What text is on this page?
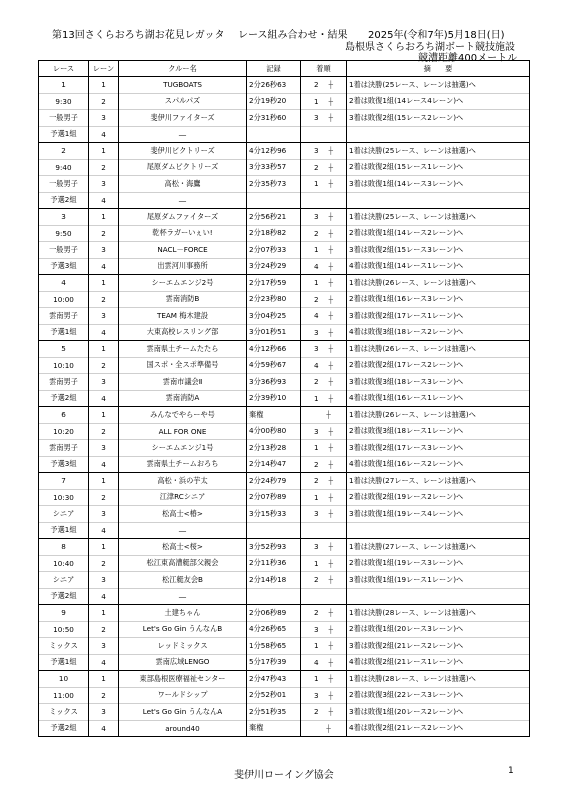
第13回さくらおろち湖お花見レガッタ レース組み合わせ・結果 2025年(令和7年)5月18日(日)
島根県さくらおろち湖ボート競技施設
競漕距離400メートル
レース	レーン	クルー名	記録	着順	摘　　要
1	1	TUGBOATS	2分26秒63	2 ┼	1着は決勝(25レース、レーンは抽選)へ
9:30	2	スパルパズ	2分19秒20	1 ┼	2着は敗復1組(14レース4レーン)へ
一般男子	3	斐伊川ファイターズ	2分31秒60	3 ┼	3着は敗復2組(15レース2レーン)へ
予選1組	4	―			
2	1	斐伊川ビクトリーズ	4分12秒96	3 ┼	1着は決勝(25レース、レーンは抽選)へ
9:40	2	尾原ダムビクトリーズ	3分33秒57	2 ┼	2着は敗復2組(15レース1レーン)へ
一般男子	3	高松・海鷹	2分35秒73	1 ┼	3着は敗復1組(14レース3レーン)へ
予選2組	4	―			
3	1	尾原ダムファイターズ	2分56秒21	3 ┼	1着は決勝(25レース、レーンは抽選)へ
9:50	2	乾杯ラガーいぇい!	2分18秒82	2 ┼	2着は敗復1組(14レース2レーン)へ
一般男子	3	NACL－FORCE	2分07秒33	1 ┼	3着は敗復2組(15レース3レーン)へ
予選3組	4	出雲河川事務所	3分24秒29	4 ┼	4着は敗復1組(14レース1レーン)へ
4	1	シーエムエンジ2号	2分17秒59	1 ┼	1着は決勝(26レース、レーンは抽選)へ
10:00	2	雲南消防B	2分23秒80	2 ┼	2着は敗復1組(16レース3レーン)へ
雲南男子	3	TEAM 梅木建設	3分04秒25	4 ┼	3着は敗復2組(17レース1レーン)へ
予選1組	4	大東高校レスリング部	3分01秒51	3 ┼	4着は敗復3組(18レース2レーン)へ
5	1	雲南県土チームたたら	4分12秒66	3 ┼	1着は決勝(26レース、レーンは抽選)へ
10:10	2	国スポ・全スポ準備号	4分59秒67	4 ┼	2着は敗復2組(17レース2レーン)へ
雲南男子	3	雲南市議会Ⅱ	3分36秒93	2 ┼	3着は敗復3組(18レース3レーン)へ
予選2組	4	雲南消防A	2分39秒10	1 ┼	4着は敗復1組(16レース1レーン)へ
6	1	みんなでやらーや号	棄権	┼	1着は決勝(26レース、レーンは抽選)へ
10:20	2	ALL FOR ONE	4分00秒80	3 ┼	2着は敗復3組(18レース1レーン)へ
雲南男子	3	シーエムエンジ1号	2分13秒28	1 ┼	3着は敗復2組(17レース3レーン)へ
予選3組	4	雲南県土チームおろち	2分14秒47	2 ┼	4着は敗復1組(16レース2レーン)へ
7	1	高松・浜の芋太	2分24秒79	2 ┼	1着は決勝(27レース、レーンは抽選)へ
10:30	2	江津RCシニア	2分07秒89	1 ┼	2着は敗復2組(19レース2レーン)へ
シニア	3	松高士<椿>	3分15秒33	3 ┼	3着は敗復1組(19レース4レーン)へ
予選1組	4	―			
8	1	松高士<桜>	3分52秒93	3 ┼	1着は決勝(27レース、レーンは抽選)へ
10:40	2	松江東高漕艇部父親会	2分11秒36	1 ┼	2着は敗復1組(19レース3レーン)へ
シニア	3	松江艇友会B	2分14秒18	2 ┼	3着は敗復1組(19レース1レーン)へ
予選2組	4	―			
9	1	土建ちゃん	2分06秒89	2 ┼	1着は決勝(28レース、レーンは抽選)へ
10:50	2	Let's Go Gin うんなんB	4分26秒65	3 ┼	2着は敗復1組(20レース3レーン)へ
ミックス	3	レッドミックス	1分58秒65	1 ┼	3着は敗復2組(21レース2レーン)へ
予選1組	4	雲南広域LENGO	5分17秒39	4 ┼	4着は敗復2組(21レース1レーン)へ
10	1	東部島根医療福祉センター	2分47秒43	1 ┼	1着は決勝(28レース、レーンは抽選)へ
11:00	2	ワールドシップ	2分52秒01	3 ┼	2着は敗復3組(22レース3レーン)へ
ミックス	3	Let's Go Gin うんなんA	2分51秒35	2 ┼	3着は敗復1組(20レース2レーン)へ
予選2組	4	around40	棄権	┼	4着は敗復2組(21レース2レーン)へ
斐伊川ローイング協会	1
